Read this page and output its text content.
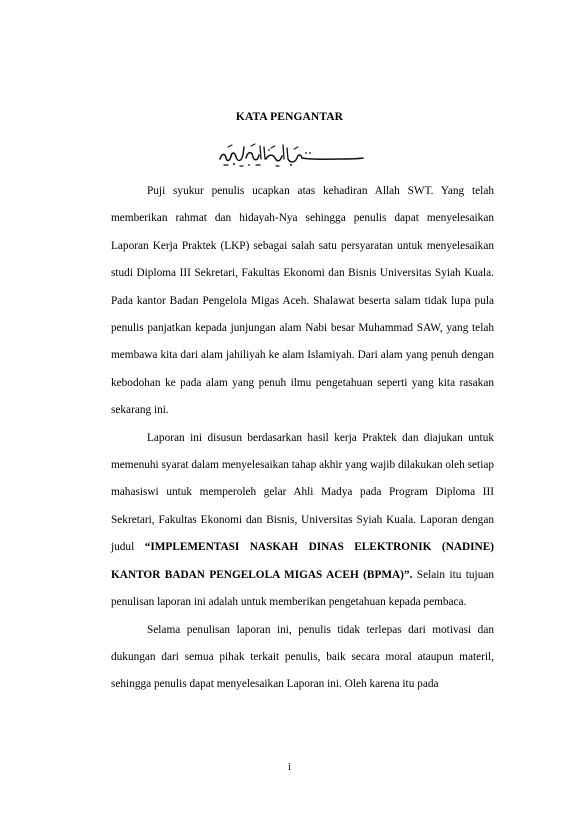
KATA PENGANTAR

Puji syukur penulis ucapkan atas kehadiran Allah SWT. Yang telah memberikan rahmat dan hidayah-Nya sehingga penulis dapat menyelesaikan Laporan Kerja Praktek (LKP) sebagai salah satu persyaratan untuk menyelesaikan studi Diploma III Sekretari, Fakultas Ekonomi dan Bisnis Universitas Syiah Kuala. Pada kantor Badan Pengelola Migas Aceh. Shalawat beserta salam tidak lupa pula penulis panjatkan kepada junjungan alam Nabi besar Muhammad SAW, yang telah membawa kita dari alam jahiliyah ke alam Islamiyah. Dari alam yang penuh dengan kebodohan ke pada alam yang penuh ilmu pengetahuan seperti yang kita rasakan sekarang ini.

Laporan ini disusun berdasarkan hasil kerja Praktek dan diajukan untuk memenuhi syarat dalam menyelesaikan tahap akhir yang wajib dilakukan oleh setiap mahasiswi untuk memperoleh gelar Ahli Madya pada Program Diploma III Sekretari, Fakultas Ekonomi dan Bisnis, Universitas Syiah Kuala. Laporan dengan judul “IMPLEMENTASI NASKAH DINAS ELEKTRONIK (NADINE) KANTOR BADAN PENGELOLA MIGAS ACEH (BPMA)”. Selain itu tujuan penulisan laporan ini adalah untuk memberikan pengetahuan kepada pembaca.

Selama penulisan laporan ini, penulis tidak terlepas dari motivasi dan dukungan dari semua pihak terkait penulis, baik secara moral ataupun materil, sehingga penulis dapat menyelesaikan Laporan ini. Oleh karena itu pada

i
